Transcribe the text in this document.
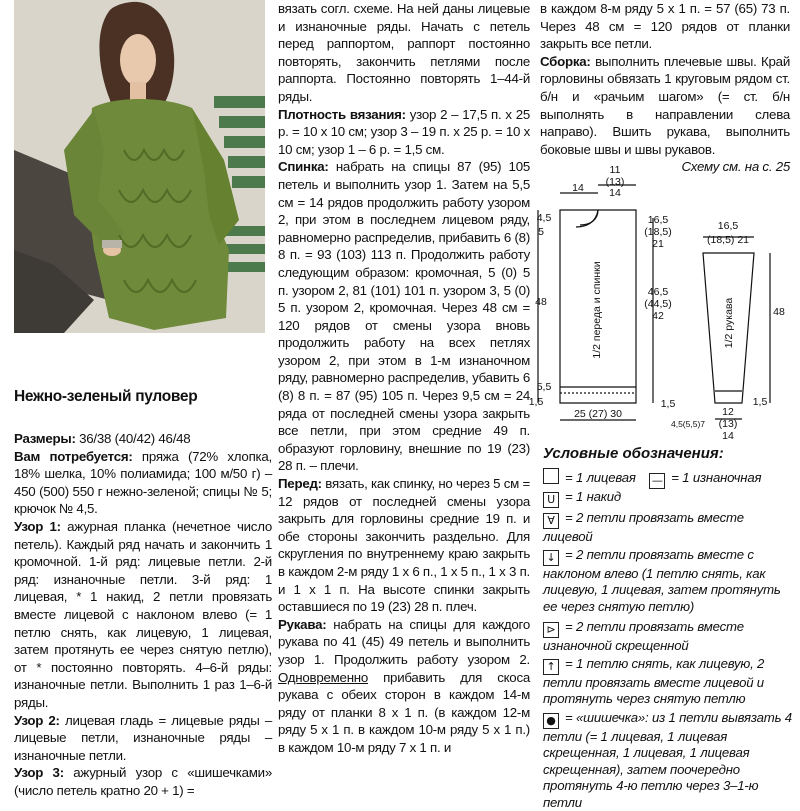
Нежно-зеленый пуловер

Размеры: 36/38 (40/42) 46/48

Вам потребуется: пряжа (72% хлопка, 18% шелка, 10% полиамида; 100 м/50 г) – 450 (500) 550 г нежно-зеленой; спицы № 5; крючок № 4,5.

Узор 1: ажурная планка (нечетное число петель). Каждый ряд начать и закончить 1 кромочной. 1-й ряд: лицевые петли. 2-й ряд: изнаночные петли. 3-й ряд: 1 лицевая, * 1 накид, 2 петли провязать вместе лицевой с наклоном влево (= 1 петлю снять, как лицевую, 1 лицевая, затем протянуть ее через снятую петлю), от * постоянно повторять. 4–6-й ряды: изнаночные петли. Выполнить 1 раз 1–6-й ряды.

Узор 2: лицевая гладь = лицевые ряды – лицевые петли, изнаночные ряды – изнаночные петли.

Узор 3: ажурный узор с «шишечками» (число петель кратно 20 + 1) =

вязать согл. схеме. На ней даны лицевые и изнаночные ряды. Начать с петель перед раппортом, раппорт постоянно повторять, закончить петлями после раппорта. Постоянно повторять 1–44-й ряды.

Плотность вязания: узор 2 – 17,5 п. х 25 р. = 10 х 10 см; узор 3 – 19 п. х 25 р. = 10 х 10 см; узор 1 – 6 р. = 1,5 см.

Спинка: набрать на спицы 87 (95) 105 петель и выполнить узор 1. Затем на 5,5 см = 14 рядов продолжить работу узором 2, при этом в последнем лицевом ряду, равномерно распределив, прибавить 6 (8) 8 п. = 93 (103) 113 п. Продолжить работу следующим образом: кромочная, 5 (0) 5 п. узором 2, 81 (101) 101 п. узором 3, 5 (0) 5 п. узором 2, кромочная. Через 48 см = 120 рядов от смены узора вновь продолжить работу на всех петлях узором 2, при этом в 1-м изнаночном ряду, равномерно распределив, убавить 6 (8) 8 п. = 87 (95) 105 п. Через 9,5 см = 24 ряда от последней смены узора закрыть все петли, при этом средние 49 п. образуют горловину, внешние по 19 (23) 28 п. – плечи.

Перед: вязать, как спинку, но через 5 см = 12 рядов от последней смены узора закрыть для горловины средние 19 п. и обе стороны закончить раздельно. Для скругления по внутреннему краю закрыть в каждом 2-м ряду 1 х 6 п., 1 х 5 п., 1 х 3 п. и 1 х 1 п. На высоте спинки закрыть оставшиеся по 19 (23) 28 п. плеч.

Рукава: набрать на спицы для каждого рукава по 41 (45) 49 петель и выполнить узор 1. Продолжить работу узором 2. Одновременно прибавить для скоса рукава с обеих сторон в каждом 14-м ряду от планки 8 х 1 п. (в каждом 12-м ряду 5 х 1 п. в каждом 10-м ряду 5 х 1 п.) в каждом 10-м ряду 7 х 1 п. и

в каждом 8-м ряду 5 х 1 п. = 57 (65) 73 п. Через 48 см = 120 рядов от планки закрыть все петли.

Сборка: выполнить плечевые швы. Край горловины обвязать 1 круговым рядом ст. б/н и «рачьим шагом» (= ст. б/н выполнять в направлении слева направо). Вшить рукава, выполнить боковые швы и швы рукавов.

Схему см. на с. 25

11
(13)
14
14
4,5
5
48
5,5
1,5
16,5
(18,5)
21
46,5
(44,5)
42
1,5
25 (27) 30
16,5
(18,5) 21
48
1,5
12
(13)
14
4,5(5,5)7
1/2 переда и спинки	1/2 рукава
Условные обозначения:
= 1 лицевая — = 1 изнаночная
U = 1 накид
∀ = 2 петли провязать вместе лицевой
↓ = 2 петли провязать вместе с наклоном влево (1 петлю снять, как лицевую, 1 лицевая, затем протянуть ее через снятую петлю)
⊳ = 2 петли провязать вместе изнаночной скрещенной
↑ = 1 петлю снять, как лицевую, 2 петли провязать вместе лицевой и протянуть через снятую петлю
● = «шишечка»: из 1 петли вывязать 4 петли (= 1 лицевая, 1 лицевая скрещенная, 1 лицевая, 1 лицевая скрещенная), затем поочередно протянуть 4-ю петлю через 3–1-ю петли
